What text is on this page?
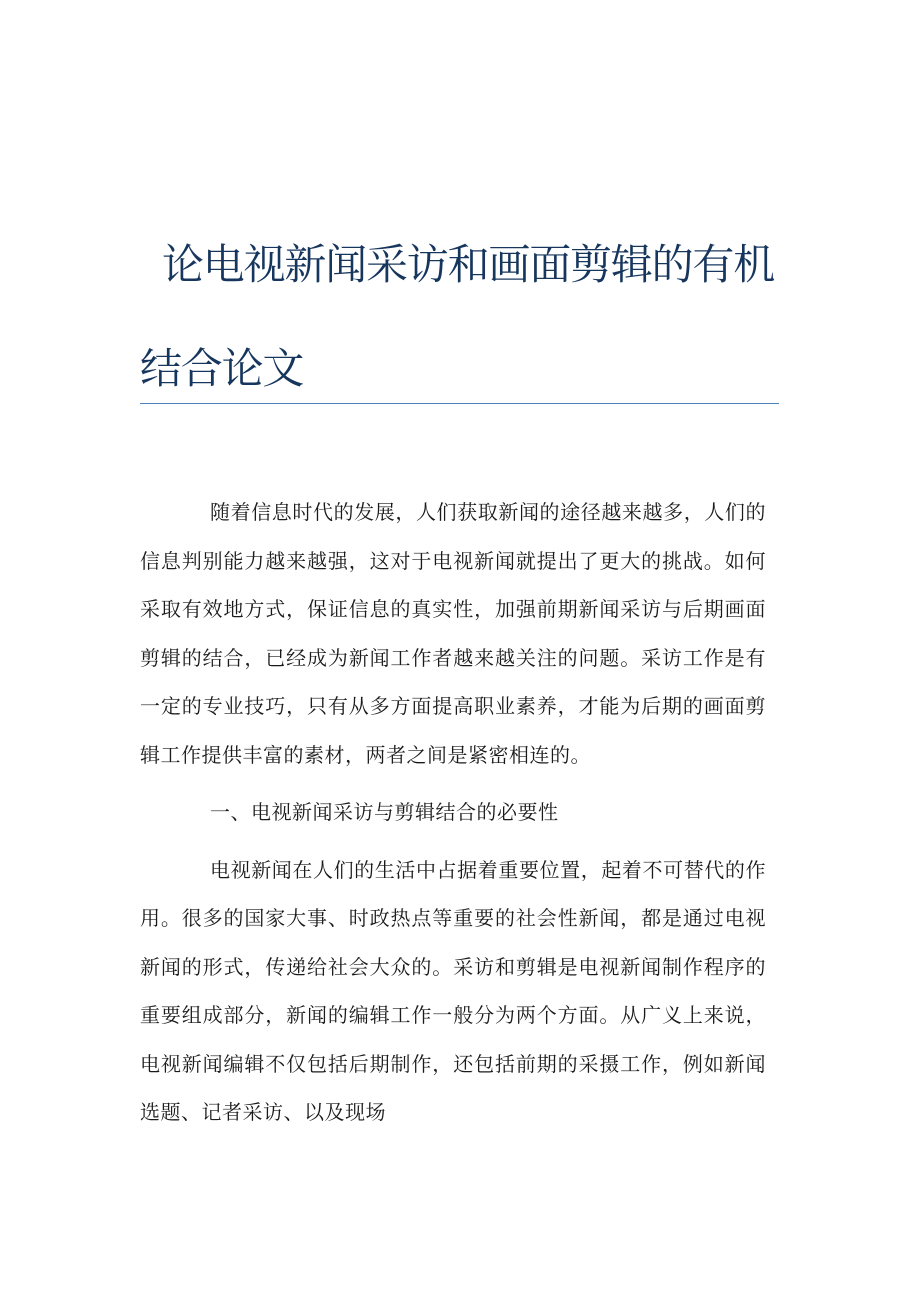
论电视新闻采访和画面剪辑的有机结合论文

随着信息时代的发展，人们获取新闻的途径越来越多，人们的信息判别能力越来越强，这对于电视新闻就提出了更大的挑战。如何采取有效地方式，保证信息的真实性，加强前期新闻采访与后期画面剪辑的结合，已经成为新闻工作者越来越关注的问题。采访工作是有一定的专业技巧，只有从多方面提高职业素养，才能为后期的画面剪辑工作提供丰富的素材，两者之间是紧密相连的。

一、电视新闻采访与剪辑结合的必要性

电视新闻在人们的生活中占据着重要位置，起着不可替代的作用。很多的国家大事、时政热点等重要的社会性新闻，都是通过电视新闻的形式，传递给社会大众的。采访和剪辑是电视新闻制作程序的重要组成部分，新闻的编辑工作一般分为两个方面。从广义上来说，电视新闻编辑不仅包括后期制作，还包括前期的采摄工作，例如新闻选题、记者采访、以及现场
